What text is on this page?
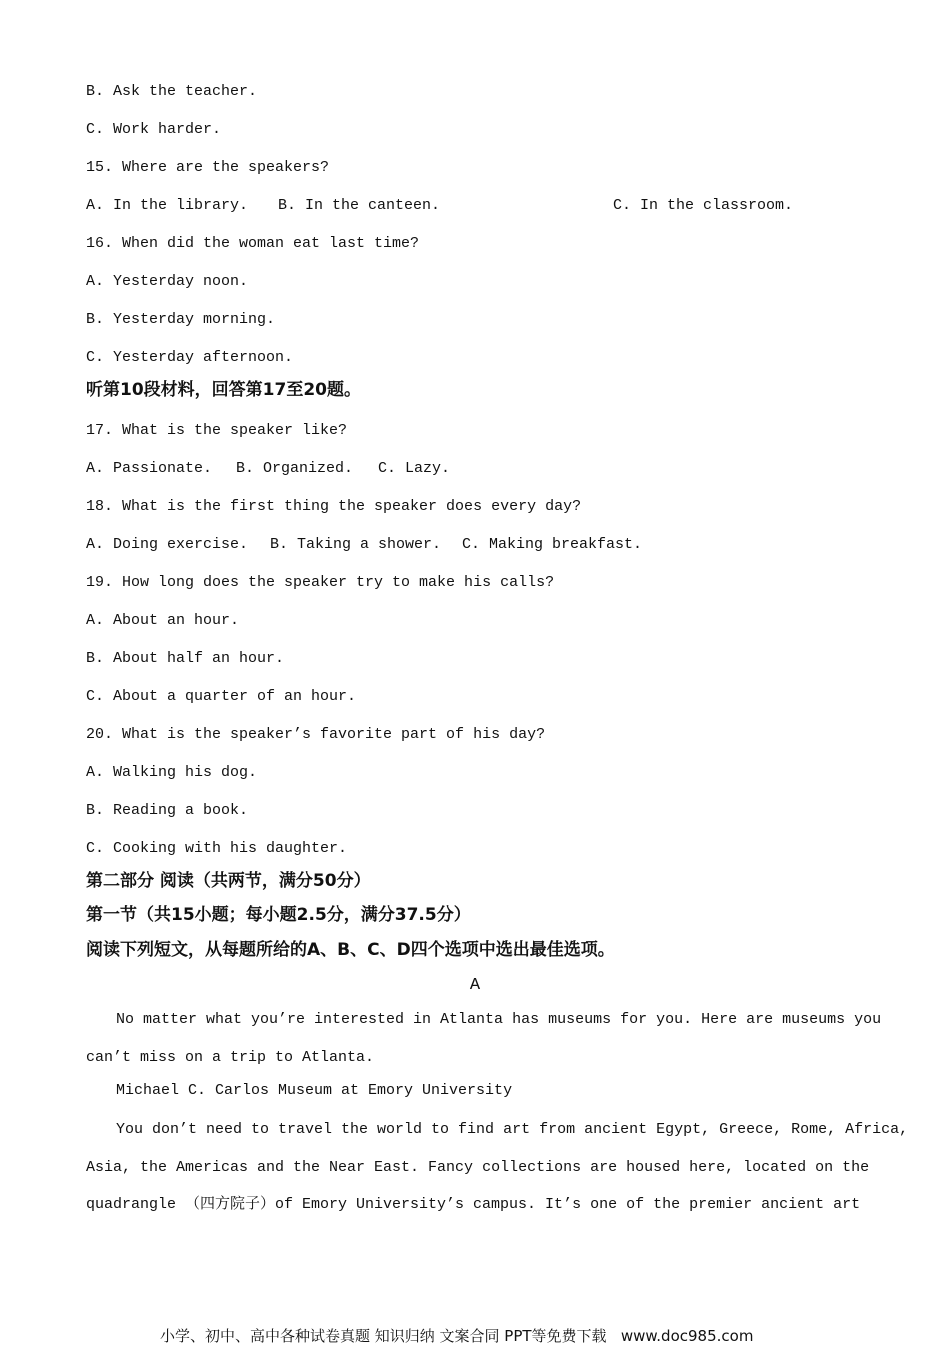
B. Ask the teacher.
C. Work harder.
15. Where are the speakers?
A. In the library. B. In the canteen.	C. In the classroom.
16. When did the woman eat last time?
A. Yesterday noon.
B. Yesterday morning.
C. Yesterday afternoon.
听第10段材料，回答第17至20题。
17. What is the speaker like?
A. Passionate. B. Organized. C. Lazy.
18. What is the first thing the speaker does every day?
A. Doing exercise. B. Taking a shower. C. Making breakfast.
19. How long does the speaker try to make his calls?
A. About an hour.
B. About half an hour.
C. About a quarter of an hour.
20. What is the speaker’s favorite part of his day?
A. Walking his dog.
B. Reading a book.
C. Cooking with his daughter.
第二部分 阅读（共两节，满分50分）
第一节（共15小题；每小题2.5分，满分37.5分）
阅读下列短文，从每题所给的A、B、C、D四个选项中选出最佳选项。
A
No matter what you’re interested in Atlanta has museums for you. Here are museums you
can’t miss on a trip to Atlanta.
Michael C. Carlos Museum at Emory University
You don’t need to travel the world to find art from ancient Egypt, Greece, Rome, Africa,
Asia, the Americas and the Near East. Fancy collections are housed here, located on the
quadrangle （四方院子）of Emory University’s campus. It’s one of the premier ancient art
小学、初中、高中各种试卷真题 知识归纳 文案合同 PPT等免费下载   www.doc985.com
